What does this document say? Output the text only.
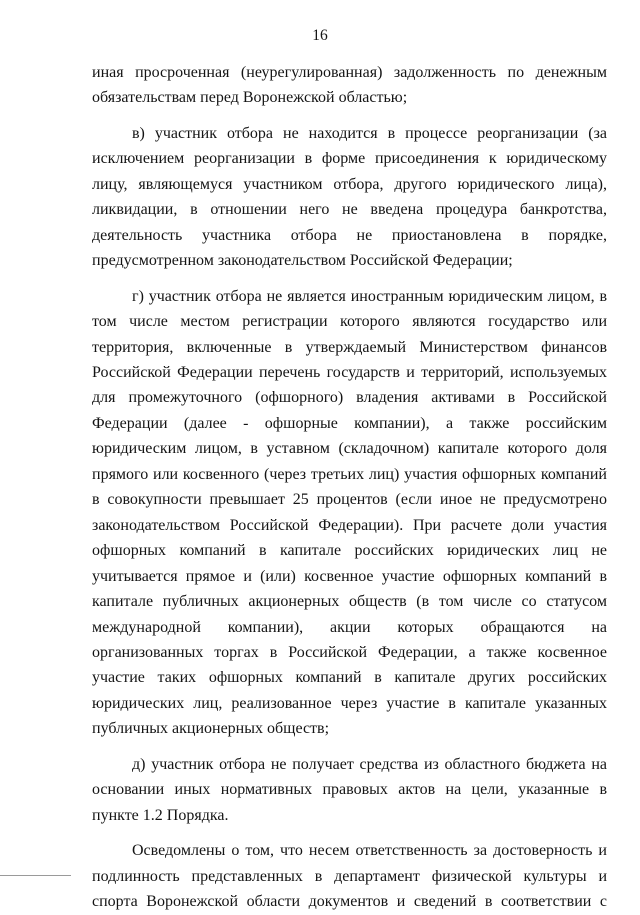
16

иная просроченная (неурегулированная) задолженность по денежным обязательствам перед Воронежской областью;

в) участник отбора не находится в процессе реорганизации (за исключением реорганизации в форме присоединения к юридическому лицу, являющемуся участником отбора, другого юридического лица), ликвидации, в отношении него не введена процедура банкротства, деятельность участника отбора не приостановлена в порядке, предусмотренном законодательством Российской Федерации;

г) участник отбора не является иностранным юридическим лицом, в том числе местом регистрации которого являются государство или территория, включенные в утверждаемый Министерством финансов Российской Федерации перечень государств и территорий, используемых для промежуточного (офшорного) владения активами в Российской Федерации (далее - офшорные компании), а также российским юридическим лицом, в уставном (складочном) капитале которого доля прямого или косвенного (через третьих лиц) участия офшорных компаний в совокупности превышает 25 процентов (если иное не предусмотрено законодательством Российской Федерации). При расчете доли участия офшорных компаний в капитале российских юридических лиц не учитывается прямое и (или) косвенное участие офшорных компаний в капитале публичных акционерных обществ (в том числе со статусом международной компании), акции которых обращаются на организованных торгах в Российской Федерации, а также косвенное участие таких офшорных компаний в капитале других российских юридических лиц, реализованное через участие в капитале указанных публичных акционерных обществ;

д) участник отбора не получает средства из областного бюджета на основании иных нормативных правовых актов на цели, указанные в пункте 1.2 Порядка.

Осведомлены о том, что несем ответственность за достоверность и подлинность представленных в департамент физической культуры и спорта Воронежской области документов и сведений в соответствии с
